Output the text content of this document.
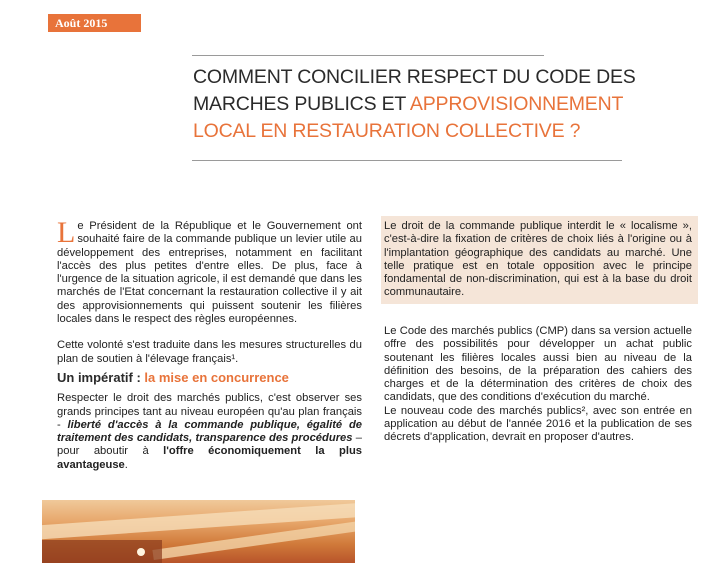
Août 2015
COMMENT CONCILIER RESPECT DU CODE DES MARCHES PUBLICS ET APPROVISIONNEMENT LOCAL EN RESTAURATION COLLECTIVE ?

Le Président de la République et le Gouvernement ont souhaité faire de la commande publique un levier utile au développement des entreprises, notamment en facilitant l'accès des plus petites d'entre elles. De plus, face à l'urgence de la situation agricole, il est demandé que dans les marchés de l'Etat concernant la restauration collective il y ait des approvisionnements qui puissent soutenir les filières locales dans le respect des règles européennes.

Cette volonté s'est traduite dans les mesures structurelles du plan de soutien à l'élevage français¹.

Un impératif : la mise en concurrence

Respecter le droit des marchés publics, c'est observer ses grands principes tant au niveau européen qu'au plan français - liberté d'accès à la commande publique, égalité de traitement des candidats, transparence des procédures – pour aboutir à l'offre économiquement la plus avantageuse.

Le droit de la commande publique interdit le « localisme », c'est-à-dire la fixation de critères de choix liés à l'origine ou à l'implantation géographique des candidats au marché. Une telle pratique est en totale opposition avec le principe fondamental de non-discrimination, qui est à la base du droit communautaire.

Le Code des marchés publics (CMP) dans sa version actuelle offre des possibilités pour développer un achat public soutenant les filières locales aussi bien au niveau de la définition des besoins, de la préparation des cahiers des charges et de la détermination des critères de choix des candidats, que des conditions d'exécution du marché.

Le nouveau code des marchés publics², avec son entrée en application au début de l'année 2016 et la publication de ses décrets d'application, devrait en proposer d'autres.
